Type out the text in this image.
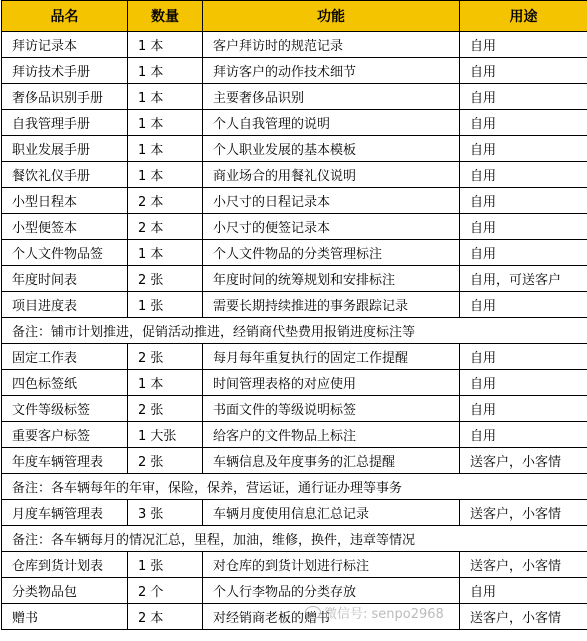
品名	数量	功能	用途
拜访记录本	1 本	客户拜访时的规范记录	自用
拜访技术手册	1 本	拜访客户的动作技术细节	自用
奢侈品识别手册	1 本	主要奢侈品识别	自用
自我管理手册	1 本	个人自我管理的说明	自用
职业发展手册	1 本	个人职业发展的基本模板	自用
餐饮礼仪手册	1 本	商业场合的用餐礼仪说明	自用
小型日程本	2 本	小尺寸的日程记录本	自用
小型便签本	2 本	小尺寸的便签记录本	自用
个人文件物品签	1 本	个人文件物品的分类管理标注	自用
年度时间表	2 张	年度时间的统筹规划和安排标注	自用，可送客户
项目进度表	1 张	需要长期持续推进的事务跟踪记录	自用
备注：铺市计划推进，促销活动推进，经销商代垫费用报销进度标注等			
固定工作表	2 张	每月每年重复执行的固定工作提醒	自用
四色标签纸	1 本	时间管理表格的对应使用	自用
文件等级标签	2 张	书面文件的等级说明标签	自用
重要客户标签	1 大张	给客户的文件物品上标注	自用
年度车辆管理表	2 张	车辆信息及年度事务的汇总提醒	送客户，小客情
备注：各车辆每年的年审，保险，保养，营运证，通行证办理等事务			
月度车辆管理表	3 张	车辆月度使用信息汇总记录	送客户，小客情
备注：各车辆每月的情况汇总，里程，加油，维修，换件，违章等情况			
仓库到货计划表	1 张	对仓库的到货计划进行标注	送客户，小客情
分类物品包	2 个	个人行李物品的分类存放	自用
赠书	2 本	对经销商老板的赠书	送客户，小客情
微信号: senpo2968
